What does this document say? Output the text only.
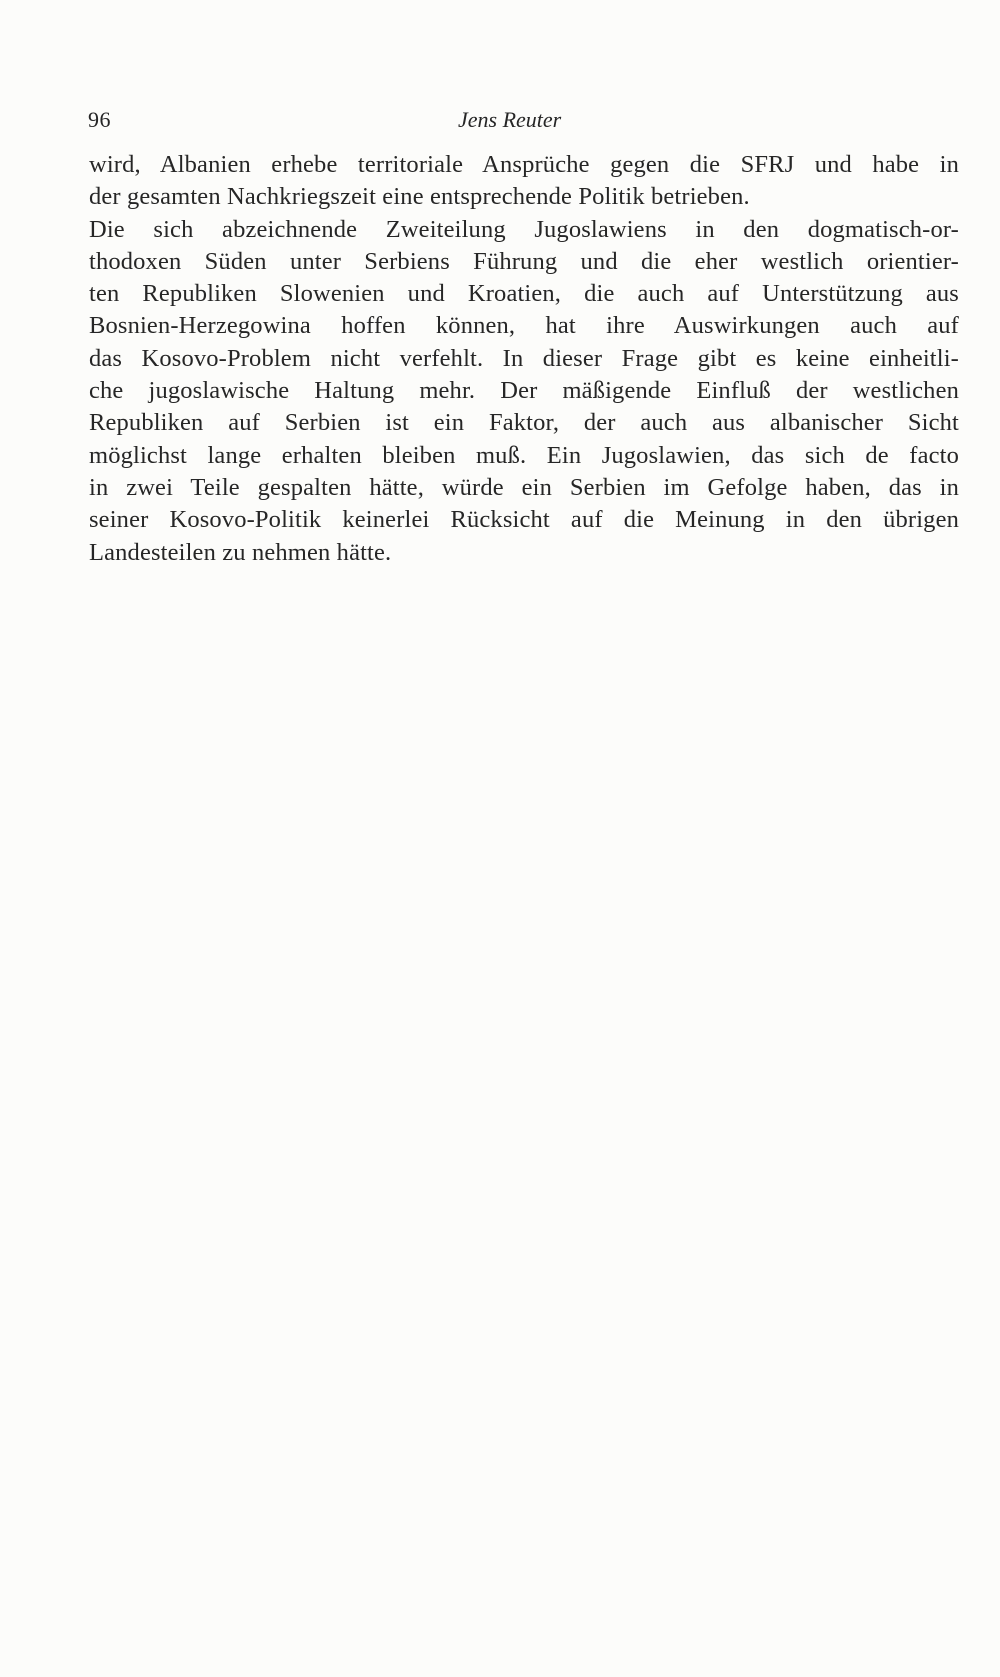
96	Jens Reuter
wird, Albanien erhebe territoriale Ansprüche gegen die SFRJ und habe in
der gesamten Nachkriegszeit eine entsprechende Politik betrieben.
Die sich abzeichnende Zweiteilung Jugoslawiens in den dogmatisch-or-
thodoxen Süden unter Serbiens Führung und die eher westlich orientier-
ten Republiken Slowenien und Kroatien, die auch auf Unterstützung aus
Bosnien-Herzegowina hoffen können, hat ihre Auswirkungen auch auf
das Kosovo-Problem nicht verfehlt. In dieser Frage gibt es keine einheitli-
che jugoslawische Haltung mehr. Der mäßigende Einfluß der westlichen
Republiken auf Serbien ist ein Faktor, der auch aus albanischer Sicht
möglichst lange erhalten bleiben muß. Ein Jugoslawien, das sich de facto
in zwei Teile gespalten hätte, würde ein Serbien im Gefolge haben, das in
seiner Kosovo-Politik keinerlei Rücksicht auf die Meinung in den übrigen
Landesteilen zu nehmen hätte.
